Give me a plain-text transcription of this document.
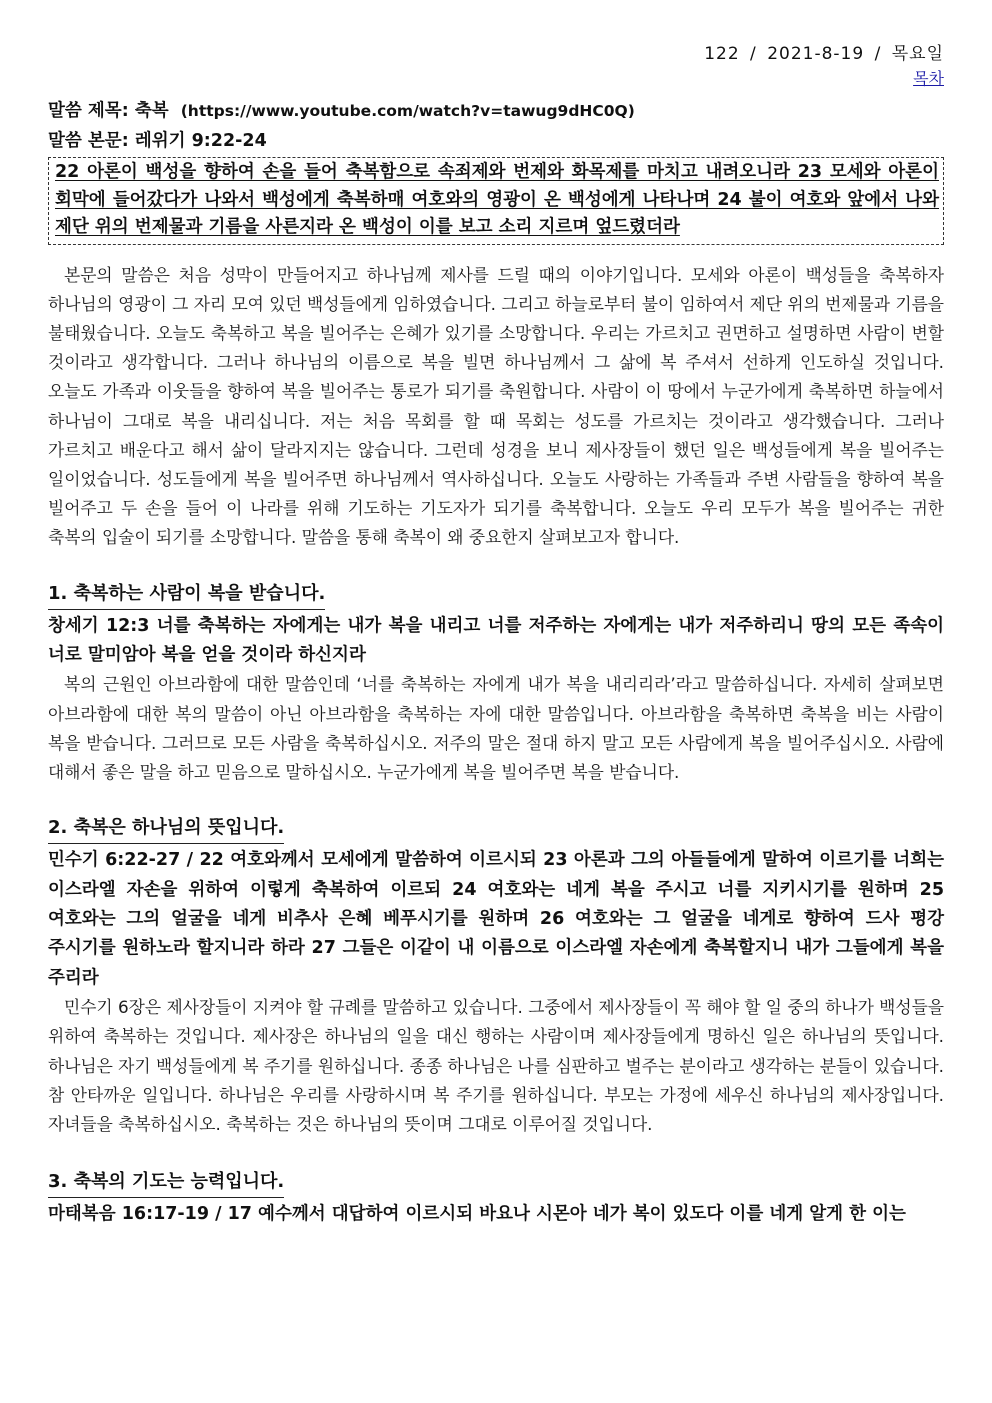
122 / 2021-8-19 / 목요일
목차
말씀 제목: 축복 (https://www.youtube.com/watch?v=tawug9dHC0Q)
말씀 본문: 레위기 9:22-24

22 아론이 백성을 향하여 손을 들어 축복함으로 속죄제와 번제와 화목제를 마치고 내려오니라 23 모세와 아론이 회막에 들어갔다가 나와서 백성에게 축복하매 여호와의 영광이 온 백성에게 나타나며 24 불이 여호와 앞에서 나와 제단 위의 번제물과 기름을 사른지라 온 백성이 이를 보고 소리 지르며 엎드렸더라

본문의 말씀은 처음 성막이 만들어지고 하나님께 제사를 드릴 때의 이야기입니다. 모세와 아론이 백성들을 축복하자 하나님의 영광이 그 자리 모여 있던 백성들에게 임하였습니다. 그리고 하늘로부터 불이 임하여서 제단 위의 번제물과 기름을 불태웠습니다. 오늘도 축복하고 복을 빌어주는 은혜가 있기를 소망합니다. 우리는 가르치고 권면하고 설명하면 사람이 변할 것이라고 생각합니다. 그러나 하나님의 이름으로 복을 빌면 하나님께서 그 삶에 복 주셔서 선하게 인도하실 것입니다. 오늘도 가족과 이웃들을 향하여 복을 빌어주는 통로가 되기를 축원합니다. 사람이 이 땅에서 누군가에게 축복하면 하늘에서 하나님이 그대로 복을 내리십니다. 저는 처음 목회를 할 때 목회는 성도를 가르치는 것이라고 생각했습니다. 그러나 가르치고 배운다고 해서 삶이 달라지지는 않습니다. 그런데 성경을 보니 제사장들이 했던 일은 백성들에게 복을 빌어주는 일이었습니다. 성도들에게 복을 빌어주면 하나님께서 역사하십니다. 오늘도 사랑하는 가족들과 주변 사람들을 향하여 복을 빌어주고 두 손을 들어 이 나라를 위해 기도하는 기도자가 되기를 축복합니다. 오늘도 우리 모두가 복을 빌어주는 귀한 축복의 입술이 되기를 소망합니다. 말씀을 통해 축복이 왜 중요한지 살펴보고자 합니다.

1. 축복하는 사람이 복을 받습니다.

창세기 12:3 너를 축복하는 자에게는 내가 복을 내리고 너를 저주하는 자에게는 내가 저주하리니 땅의 모든 족속이 너로 말미암아 복을 얻을 것이라 하신지라

복의 근원인 아브라함에 대한 말씀인데 ‘너를 축복하는 자에게 내가 복을 내리리라’라고 말씀하십니다. 자세히 살펴보면 아브라함에 대한 복의 말씀이 아닌 아브라함을 축복하는 자에 대한 말씀입니다. 아브라함을 축복하면 축복을 비는 사람이 복을 받습니다. 그러므로 모든 사람을 축복하십시오. 저주의 말은 절대 하지 말고 모든 사람에게 복을 빌어주십시오. 사람에 대해서 좋은 말을 하고 믿음으로 말하십시오. 누군가에게 복을 빌어주면 복을 받습니다.

2. 축복은 하나님의 뜻입니다.

민수기 6:22-27 / 22 여호와께서 모세에게 말씀하여 이르시되 23 아론과 그의 아들들에게 말하여 이르기를 너희는 이스라엘 자손을 위하여 이렇게 축복하여 이르되 24 여호와는 네게 복을 주시고 너를 지키시기를 원하며 25 여호와는 그의 얼굴을 네게 비추사 은혜 베푸시기를 원하며 26 여호와는 그 얼굴을 네게로 향하여 드사 평강 주시기를 원하노라 할지니라 하라 27 그들은 이같이 내 이름으로 이스라엘 자손에게 축복할지니 내가 그들에게 복을 주리라

민수기 6장은 제사장들이 지켜야 할 규례를 말씀하고 있습니다. 그중에서 제사장들이 꼭 해야 할 일 중의 하나가 백성들을 위하여 축복하는 것입니다. 제사장은 하나님의 일을 대신 행하는 사람이며 제사장들에게 명하신 일은 하나님의 뜻입니다. 하나님은 자기 백성들에게 복 주기를 원하십니다. 종종 하나님은 나를 심판하고 벌주는 분이라고 생각하는 분들이 있습니다. 참 안타까운 일입니다. 하나님은 우리를 사랑하시며 복 주기를 원하십니다. 부모는 가정에 세우신 하나님의 제사장입니다. 자녀들을 축복하십시오. 축복하는 것은 하나님의 뜻이며 그대로 이루어질 것입니다.

3. 축복의 기도는 능력입니다.

마태복음 16:17-19 / 17 예수께서 대답하여 이르시되 바요나 시몬아 네가 복이 있도다 이를 네게 알게 한 이는
